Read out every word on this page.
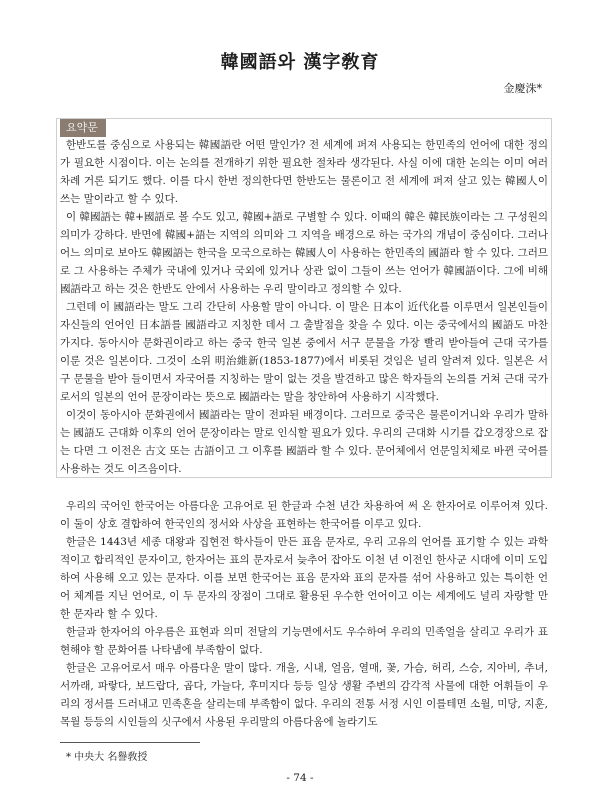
韓國語와 漢字敎育
金慶洙*
요약문

한반도를 중심으로 사용되는 韓國語란 어떤 말인가? 전 세계에 퍼져 사용되는 한민족의 언어에 대한 정의가 필요한 시점이다. 이는 논의를 전개하기 위한 필요한 절차라 생각된다. 사실 이에 대한 논의는 이미 여러 차례 거론 되기도 했다. 이를 다시 한번 정의한다면 한반도는 물론이고 전 세계에 퍼져 살고 있는 韓國人이 쓰는 말이라고 할 수 있다.

이 韓國語는 韓+國語로 볼 수도 있고, 韓國+語로 구별할 수 있다. 이때의 韓은 韓民族이라는 그 구성원의 의미가 강하다. 반면에 韓國+語는 지역의 의미와 그 지역을 배경으로 하는 국가의 개념이 중심이다. 그러나 어느 의미로 보아도 韓國語는 한국을 모국으로하는 韓國人이 사용하는 한민족의 國語라 할 수 있다. 그러므로 그 사용하는 주체가 국내에 있거나 국외에 있거나 상관 없이 그들이 쓰는 언어가 韓國語이다. 그에 비해 國語라고 하는 것은 한반도 안에서 사용하는 우리 말이라고 정의할 수 있다.

그런데 이 國語라는 말도 그리 간단히 사용할 말이 아니다. 이 말은 日本이 近代化를 이루면서 일본인들이 자신들의 언어인 日本語를 國語라고 지칭한 데서 그 출발점을 찾을 수 있다. 이는 중국에서의 國語도 마찬가지다. 동아시아 문화권이라고 하는 중국 한국 일본 중에서 서구 문물을 가장 빨리 받아들여 근대 국가를 이룬 것은 일본이다. 그것이 소위 明治維新(1853-1877)에서 비롯된 것임은 널리 알려져 있다. 일본은 서구 문물을 받아 들이면서 자국어를 지칭하는 말이 없는 것을 발견하고 많은 학자들의 논의를 거쳐 근대 국가로서의 일본의 언어 문장이라는 뜻으로 國語라는 말을 창안하여 사용하기 시작했다.

이것이 동아시아 문화권에서 國語라는 말이 전파된 배경이다. 그러므로 중국은 물론이거니와 우리가 말하는 國語도 근대화 이후의 언어 문장이라는 말로 인식할 필요가 있다. 우리의 근대화 시기를 갑오경장으로 잡는 다면 그 이전은 古文 또는 古語이고 그 이후를 國語라 할 수 있다. 문어체에서 언문일치체로 바뀐 국어를 사용하는 것도 이즈음이다.

우리의 국어인 한국어는 아름다운 고유어로 된 한글과 수천 년간 차용하여 써 온 한자어로 이루어져 있다. 이 둘이 상호 결합하여 한국인의 정서와 사상을 표현하는 한국어를 이루고 있다.

한글은 1443년 세종 대왕과 집현전 학사들이 만든 표음 문자로, 우리 고유의 언어를 표기할 수 있는 과학적이고 합리적인 문자이고, 한자어는 표의 문자로서 늦추어 잡아도 이천 년 이전인 한사군 시대에 이미 도입하여 사용해 오고 있는 문자다. 이를 보면 한국어는 표음 문자와 표의 문자를 섞어 사용하고 있는 특이한 언어 체계를 지닌 언어로, 이 두 문자의 장점이 그대로 활용된 우수한 언어이고 이는 세계에도 널리 자랑할 만한 문자라 할 수 있다.

한글과 한자어의 아우름은 표현과 의미 전달의 기능면에서도 우수하여 우리의 민족얼을 살리고 우리가 표현해야 할 문화어를 나타냄에 부족함이 없다.

한글은 고유어로서 매우 아름다운 말이 많다. 개울, 시내, 얼음, 열매, 꽃, 가슴, 허리, 스승, 지아비, 추녀, 서까래, 파랗다, 보드랍다, 곱다, 가늘다, 후미지다 등등 일상 생활 주변의 감각적 사물에 대한 어휘들이 우리의 정서를 드러내고 민족혼을 살리는데 부족함이 없다. 우리의 전통 서정 시인 이를테면 소월, 미당, 지훈, 목월 등등의 시인들의 싯구에서 사용된 우리말의 아름다움에 놀라기도

* 中央大 名譽敎授
- 74 -
